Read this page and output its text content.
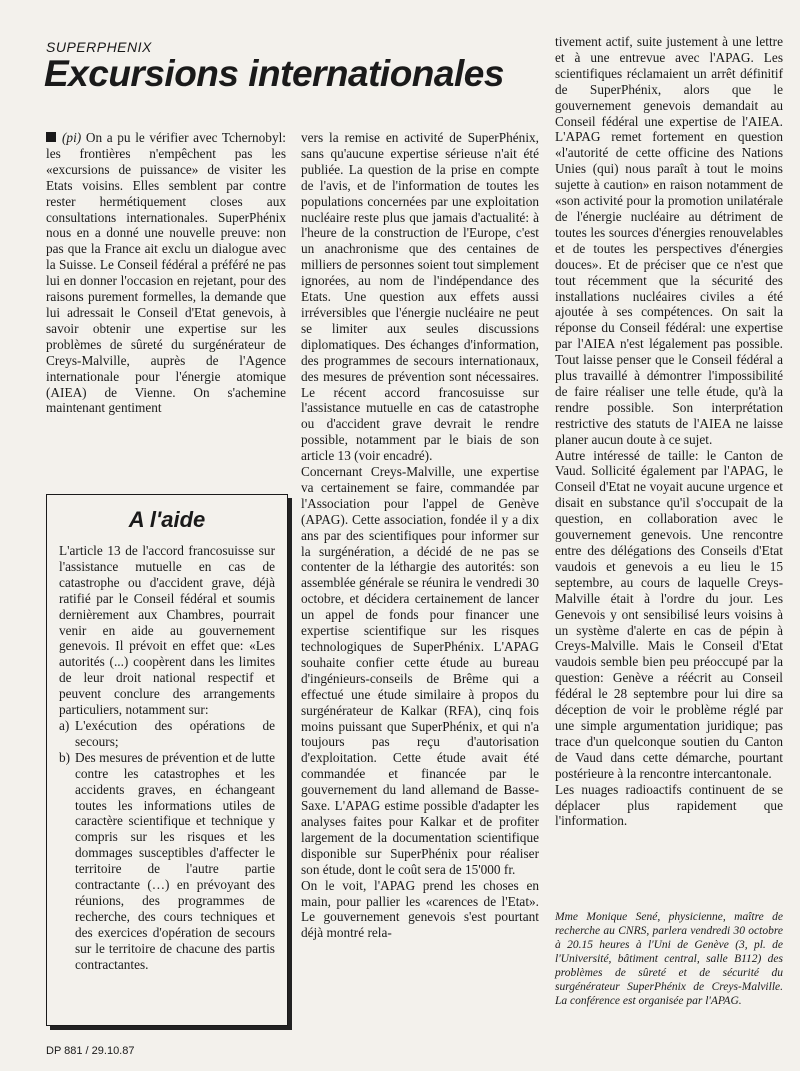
SUPERPHENIX
Excursions internationales

(pi) On a pu le vérifier avec Tchernobyl: les frontières n'empêchent pas les «excursions de puissance» de visiter les Etats voisins. Elles semblent par contre rester hermétiquement closes aux consultations internationales. SuperPhénix nous en a donné une nouvelle preuve: non pas que la France ait exclu un dialogue avec la Suisse. Le Conseil fédéral a préféré ne pas lui en donner l'occasion en rejetant, pour des raisons purement formelles, la demande que lui adressait le Conseil d'Etat genevois, à savoir obtenir une expertise sur les problèmes de sûreté du surgénérateur de Creys-Malville, auprès de l'Agence internationale pour l'énergie atomique (AIEA) de Vienne. On s'achemine maintenant gentiment

A l'aide

L'article 13 de l'accord francosuisse sur l'assistance mutuelle en cas de catastrophe ou d'accident grave, déjà ratifié par le Conseil fédéral et soumis dernièrement aux Chambres, pourrait venir en aide au gouvernement genevois. Il prévoit en effet que: «Les autorités (...) coopèrent dans les limites de leur droit national respectif et peuvent conclure des arrangements particuliers, notamment sur:

a) L'exécution des opérations de secours;
b) Des mesures de prévention et de lutte contre les catastrophes et les accidents graves, en échangeant toutes les informations utiles de caractère scientifique et technique y compris sur les risques et les dommages susceptibles d'affecter le territoire de l'autre partie contractante (…) en prévoyant des réunions, des programmes de recherche, des cours techniques et des exercices d'opération de secours sur le territoire de chacune des partis contractantes.

vers la remise en activité de SuperPhénix, sans qu'aucune expertise sérieuse n'ait été publiée. La question de la prise en compte de l'avis, et de l'information de toutes les populations concernées par une exploitation nucléaire reste plus que jamais d'actualité: à l'heure de la construction de l'Europe, c'est un anachronisme que des centaines de milliers de personnes soient tout simplement ignorées, au nom de l'indépendance des Etats. Une question aux effets aussi irréversibles que l'énergie nucléaire ne peut se limiter aux seules discussions diplomatiques. Des échanges d'information, des programmes de secours internationaux, des mesures de prévention sont nécessaires. Le récent accord francosuisse sur l'assistance mutuelle en cas de catastrophe ou d'accident grave devrait le rendre possible, notamment par le biais de son article 13 (voir encadré).

Concernant Creys-Malville, une expertise va certainement se faire, commandée par l'Association pour l'appel de Genève (APAG). Cette association, fondée il y a dix ans par des scientifiques pour informer sur la surgénération, a décidé de ne pas se contenter de la léthargie des autorités: son assemblée générale se réunira le vendredi 30 octobre, et décidera certainement de lancer un appel de fonds pour financer une expertise scientifique sur les risques technologiques de SuperPhénix. L'APAG souhaite confier cette étude au bureau d'ingénieurs-conseils de Brême qui a effectué une étude similaire à propos du surgénérateur de Kalkar (RFA), cinq fois moins puissant que SuperPhénix, et qui n'a toujours pas reçu d'autorisation d'exploitation. Cette étude avait été commandée et financée par le gouvernement du land allemand de Basse-Saxe. L'APAG estime possible d'adapter les analyses faites pour Kalkar et de profiter largement de la documentation scientifique disponible sur SuperPhénix pour réaliser son étude, dont le coût sera de 15'000 fr.

On le voit, l'APAG prend les choses en main, pour pallier les «carences de l'Etat». Le gouvernement genevois s'est pourtant déjà montré rela-

tivement actif, suite justement à une lettre et à une entrevue avec l'APAG. Les scientifiques réclamaient un arrêt définitif de SuperPhénix, alors que le gouvernement genevois demandait au Conseil fédéral une expertise de l'AIEA. L'APAG remet fortement en question «l'autorité de cette officine des Nations Unies (qui) nous paraît à tout le moins sujette à caution» en raison notamment de «son activité pour la promotion unilatérale de l'énergie nucléaire au détriment de toutes les sources d'énergies renouvelables et de toutes les perspectives d'énergies douces». Et de préciser que ce n'est que tout récemment que la sécurité des installations nucléaires civiles a été ajoutée à ses compétences. On sait la réponse du Conseil fédéral: une expertise par l'AIEA n'est légalement pas possible. Tout laisse penser que le Conseil fédéral a plus travaillé à démontrer l'impossibilité de faire réaliser une telle étude, qu'à la rendre possible. Son interprétation restrictive des statuts de l'AIEA ne laisse planer aucun doute à ce sujet.

Autre intéressé de taille: le Canton de Vaud. Sollicité également par l'APAG, le Conseil d'Etat ne voyait aucune urgence et disait en substance qu'il s'occupait de la question, en collaboration avec le gouvernement genevois. Une rencontre entre des délégations des Conseils d'Etat vaudois et genevois a eu lieu le 15 septembre, au cours de laquelle Creys-Malville était à l'ordre du jour. Les Genevois y ont sensibilisé leurs voisins à un système d'alerte en cas de pépin à Creys-Malville. Mais le Conseil d'Etat vaudois semble bien peu préoccupé par la question: Genève a réécrit au Conseil fédéral le 28 septembre pour lui dire sa déception de voir le problème réglé par une simple argumentation juridique; pas trace d'un quelconque soutien du Canton de Vaud dans cette démarche, pourtant postérieure à la rencontre intercantonale.

Les nuages radioactifs continuent de se déplacer plus rapidement que l'information.

Mme Monique Sené, physicienne, maître de recherche au CNRS, parlera vendredi 30 octobre à 20.15 heures à l'Uni de Genève (3, pl. de l'Université, bâtiment central, salle B112) des problèmes de sûreté et de sécurité du surgénérateur SuperPhénix de Creys-Malville. La conférence est organisée par l'APAG.
DP 881 / 29.10.87
